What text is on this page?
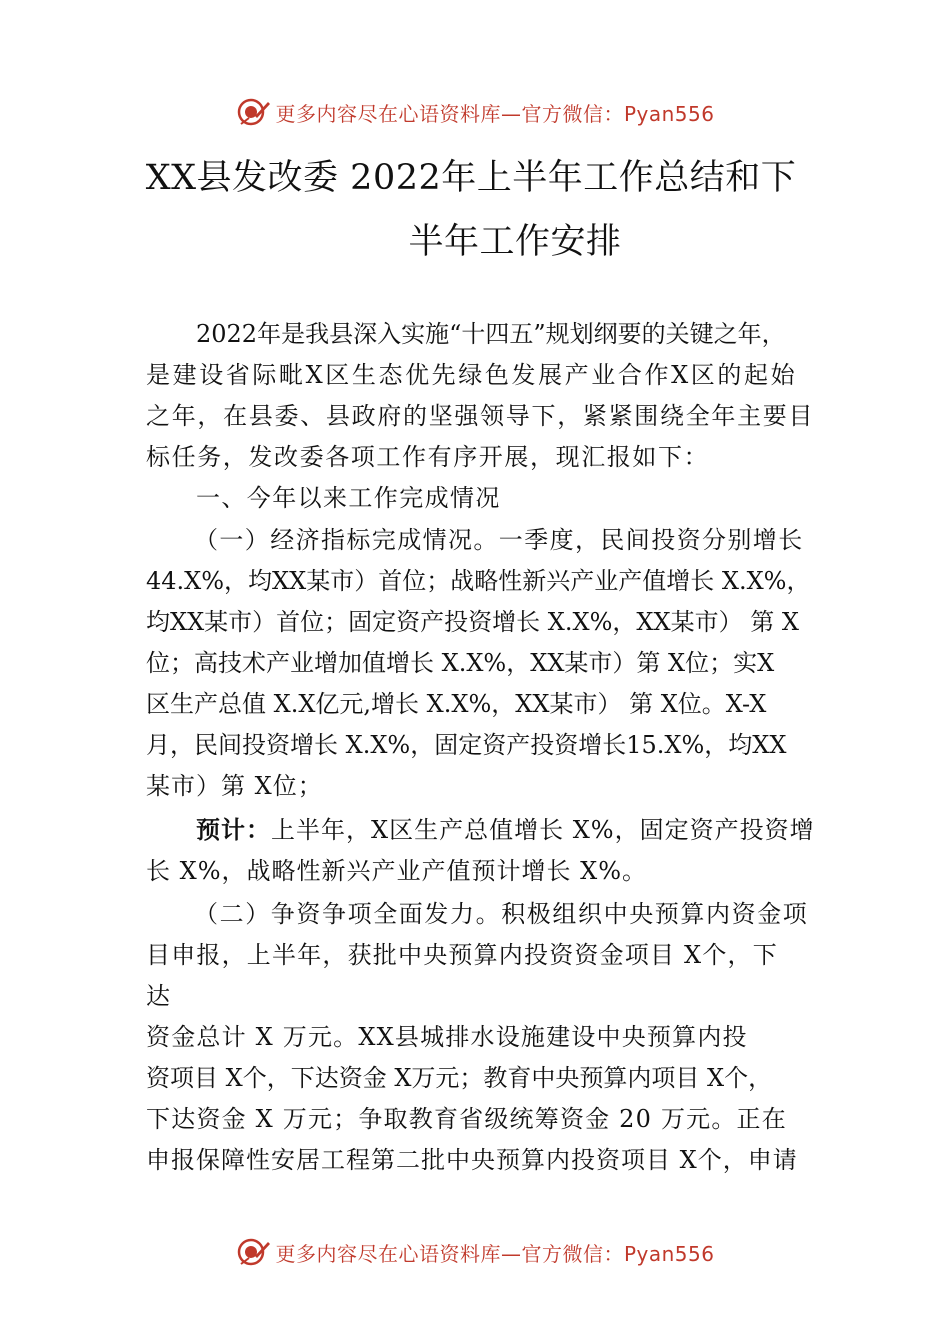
更多内容尽在心语资料库—官方微信：Pyan556
XX县发改委 2022年上半年工作总结和下
半年工作安排
2022年是我县深入实施“十四五”规划纲要的关键之年，
是建设省际毗X区生态优先绿色发展产业合作X区的起始
之年，在县委、县政府的坚强领导下，紧紧围绕全年主要目
标任务，发改委各项工作有序开展，现汇报如下：
一、今年以来工作完成情况
（一）经济指标完成情况。一季度，民间投资分别增长
44.X%，均XX某市）首位；战略性新兴产业产值增长 X.X%，
均XX某市）首位；固定资产投资增长 X.X%，XX某市） 第 X
位；高技术产业增加值增长 X.X%，XX某市）第 X位；实X
区生产总值 X.X亿元,增长 X.X%，XX某市） 第 X位。X-X
月，民间投资增长 X.X%，固定资产投资增长15.X%，均XX
某市）第 X位；
预计：上半年，X区生产总值增长 X%，固定资产投资增
长 X%，战略性新兴产业产值预计增长 X%。
（二）争资争项全面发力。积极组织中央预算内资金项
目申报，上半年，获批中央预算内投资资金项目 X个，下
达
资金总计 X 万元。XX县城排水设施建设中央预算内投
资项目 X个，下达资金 X万元；教育中央预算内项目 X个，
下达资金 X 万元；争取教育省级统筹资金 20 万元。正在
申报保障性安居工程第二批中央预算内投资项目 X个，申请
更多内容尽在心语资料库—官方微信：Pyan556
